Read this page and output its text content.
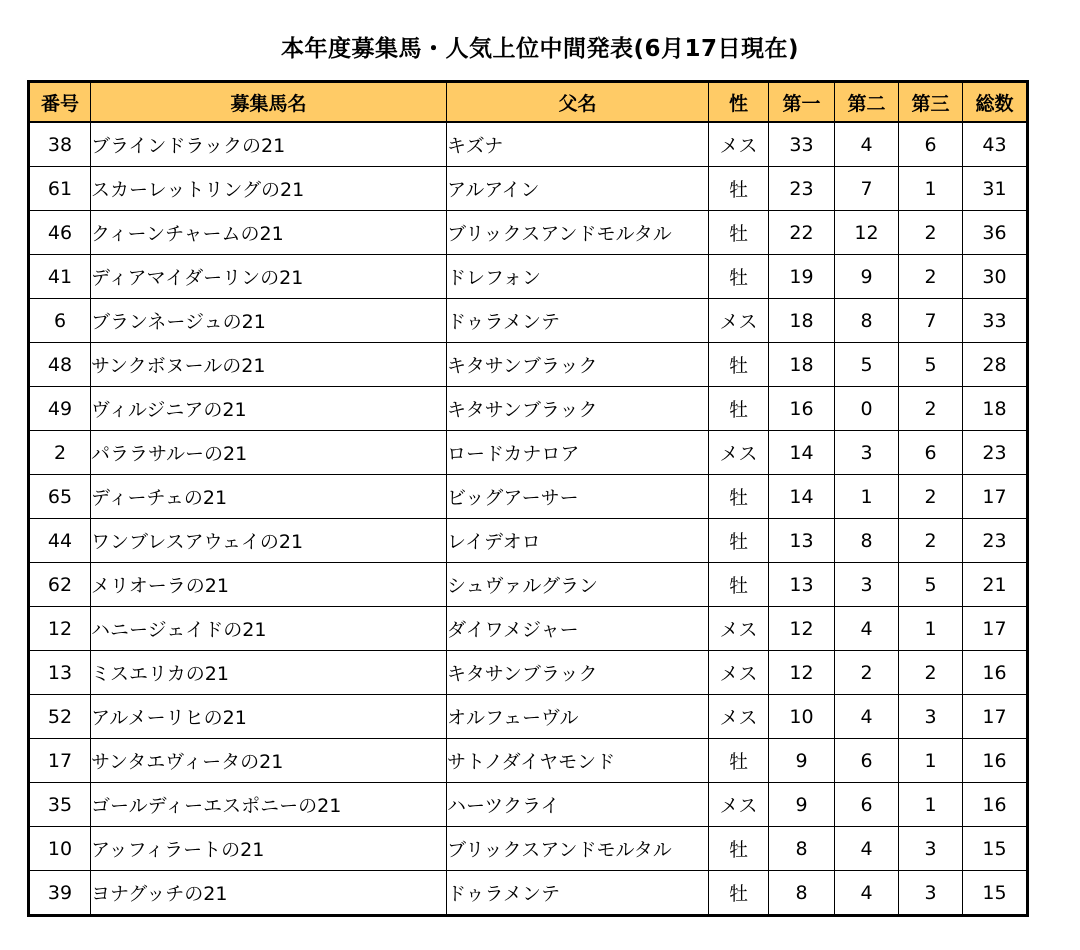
本年度募集馬・人気上位中間発表(6月17日現在)
番号	募集馬名	父名	性	第一	第二	第三	総数
38	ブラインドラックの21	キズナ	メス	33	4	6	43
61	スカーレットリングの21	アルアイン	牡	23	7	1	31
46	クィーンチャームの21	ブリックスアンドモルタル	牡	22	12	2	36
41	ディアマイダーリンの21	ドレフォン	牡	19	9	2	30
6	ブランネージュの21	ドゥラメンテ	メス	18	8	7	33
48	サンクボヌールの21	キタサンブラック	牡	18	5	5	28
49	ヴィルジニアの21	キタサンブラック	牡	16	0	2	18
2	パララサルーの21	ロードカナロア	メス	14	3	6	23
65	ディーチェの21	ビッグアーサー	牡	14	1	2	17
44	ワンブレスアウェイの21	レイデオロ	牡	13	8	2	23
62	メリオーラの21	シュヴァルグラン	牡	13	3	5	21
12	ハニージェイドの21	ダイワメジャー	メス	12	4	1	17
13	ミスエリカの21	キタサンブラック	メス	12	2	2	16
52	アルメーリヒの21	オルフェーヴル	メス	10	4	3	17
17	サンタエヴィータの21	サトノダイヤモンド	牡	9	6	1	16
35	ゴールディーエスポニーの21	ハーツクライ	メス	9	6	1	16
10	アッフィラートの21	ブリックスアンドモルタル	牡	8	4	3	15
39	ヨナグッチの21	ドゥラメンテ	牡	8	4	3	15
